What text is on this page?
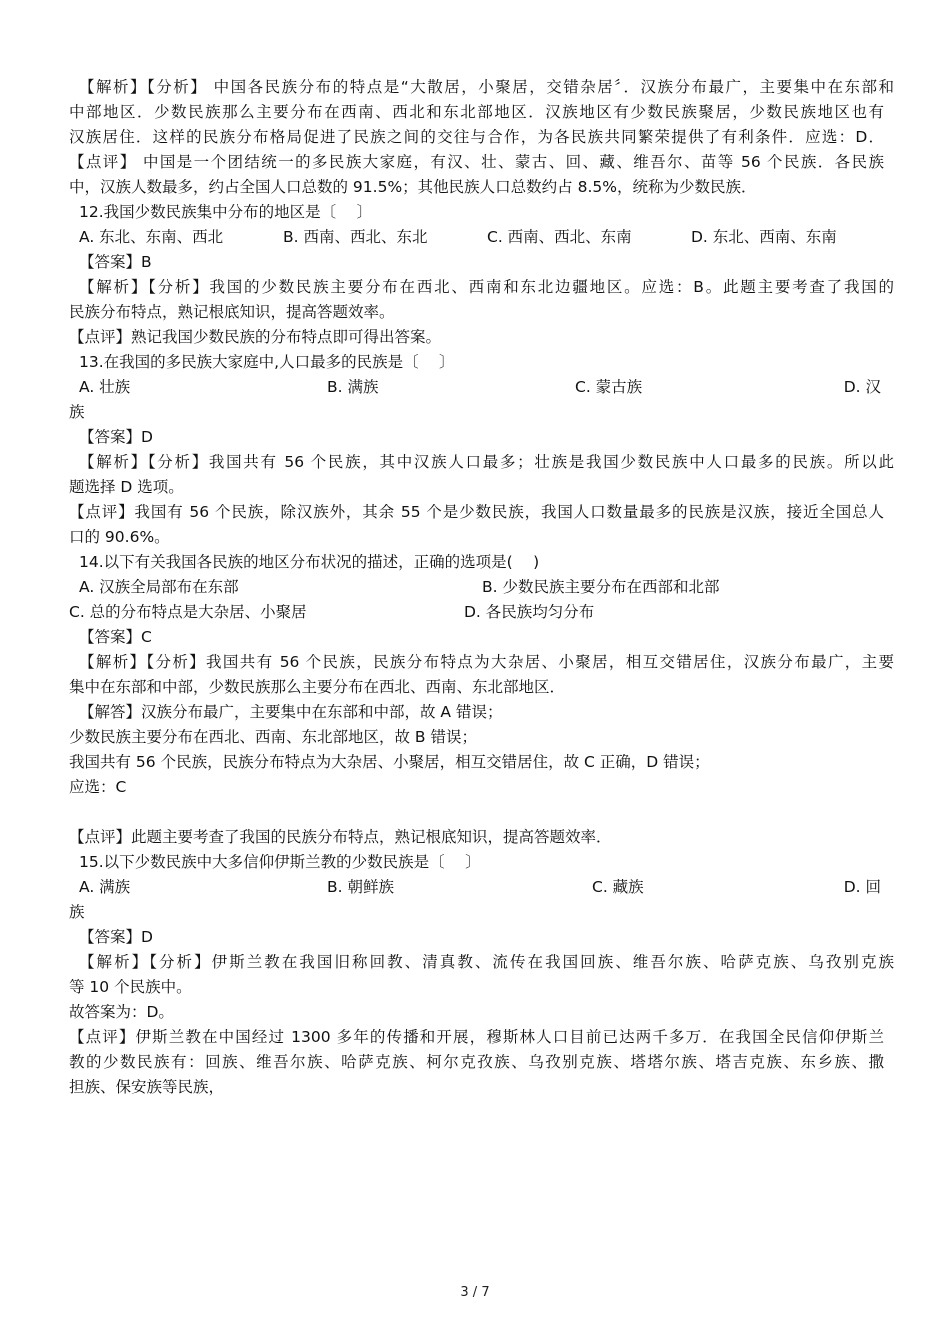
【解析】【分析】 中国各民族分布的特点是“大散居，小聚居，交错杂居〞．汉族分布最广，主要集中在东部和
中部地区．少数民族那么主要分布在西南、西北和东北部地区．汉族地区有少数民族聚居，少数民族地区也有
汉族居住．这样的民族分布格局促进了民族之间的交往与合作，为各民族共同繁荣提供了有利条件．应选：D．
【点评】 中国是一个团结统一的多民族大家庭，有汉、壮、蒙古、回、藏、维吾尔、苗等 56 个民族．各民族
中，汉族人数最多，约占全国人口总数的 91.5%；其他民族人口总数约占 8.5%，统称为少数民族．
12.我国少数民族集中分布的地区是〔　 〕
A. 东北、东南、西北	B. 西南、西北、东北	C. 西南、西北、东南	D. 东北、西南、东南
【答案】B
【解析】【分析】我国的少数民族主要分布在西北、西南和东北边疆地区。应选：B。此题主要考查了我国的
民族分布特点，熟记根底知识，提高答题效率。
【点评】熟记我国少数民族的分布特点即可得出答案。
13.在我国的多民族大家庭中,人口最多的民族是〔　 〕
A. 壮族	B. 满族	C. 蒙古族	D. 汉
族
【答案】D
【解析】【分析】我国共有 56 个民族，其中汉族人口最多；壮族是我国少数民族中人口最多的民族。所以此
题选择 D 选项。
【点评】我国有 56 个民族，除汉族外，其余 55 个是少数民族，我国人口数量最多的民族是汉族，接近全国总人
口的 90.6%。
14.以下有关我国各民族的地区分布状况的描述，正确的选项是(　 )
A. 汉族全局部布在东部	B. 少数民族主要分布在西部和北部
C. 总的分布特点是大杂居、小聚居	D. 各民族均匀分布
【答案】C
【解析】【分析】我国共有 56 个民族，民族分布特点为大杂居、小聚居，相互交错居住，汉族分布最广，主要
集中在东部和中部，少数民族那么主要分布在西北、西南、东北部地区．
【解答】汉族分布最广，主要集中在东部和中部，故 A 错误；
少数民族主要分布在西北、西南、东北部地区，故 B 错误；
我国共有 56 个民族，民族分布特点为大杂居、小聚居，相互交错居住，故 C 正确，D 错误；
应选：C
【点评】此题主要考查了我国的民族分布特点，熟记根底知识，提高答题效率．
15.以下少数民族中大多信仰伊斯兰教的少数民族是〔　 〕
A. 满族	B. 朝鲜族	C. 藏族	D. 回
族
【答案】D
【解析】【分析】伊斯兰教在我国旧称回教、清真教、流传在我国回族、维吾尔族、哈萨克族、乌孜别克族
等 10 个民族中。
故答案为：D。
【点评】伊斯兰教在中国经过 1300 多年的传播和开展，穆斯林人口目前已达两千多万．在我国全民信仰伊斯兰
教的少数民族有：回族、维吾尔族、哈萨克族、柯尔克孜族、乌孜别克族、塔塔尔族、塔吉克族、东乡族、撒
担族、保安族等民族，
3 / 7
